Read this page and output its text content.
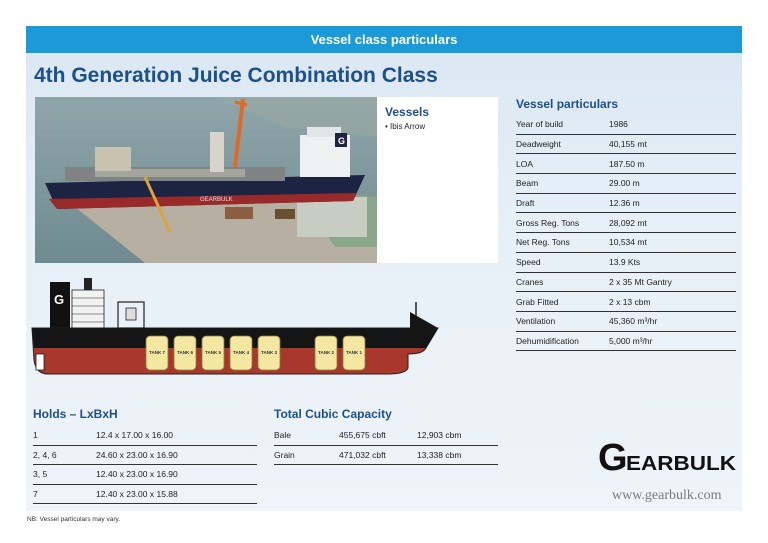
Vessel class particulars
4th Generation Juice Combination Class
G
GEARBULK
Vessels
• Ibis Arrow
Vessel particulars
Year of build	1986
Deadweight	40,155 mt
LOA	187.50 m
Beam	29.00 m
Draft	12.36 m
Gross Reg. Tons	28,092 mt
Net Reg. Tons	10,534 mt
Speed	13.9 Kts
Cranes	2 x 35 Mt Gantry
Grab Fitted	2 x 13 cbm
Ventilation	45,360 m³/hr
Dehumidification	5,000 m³/hr
G
TANK 7	TANK 6	TANK 5	TANK 4	TANK 3	TANK 2	TANK 1
Holds – LxBxH
1	12.4 x 17.00 x 16.00
2, 4, 6	24.60 x 23.00 x 16.90
3, 5	12.40 x 23.00 x 16.90
7	12.40 x 23.00 x 15.88
Total Cubic Capacity
Bale	455,675 cbft	12,903 cbm
Grain	471,032 cbft	13,338 cbm	G
EARBULK
www.gearbulk.com
NB: Vessel particulars may vary.
